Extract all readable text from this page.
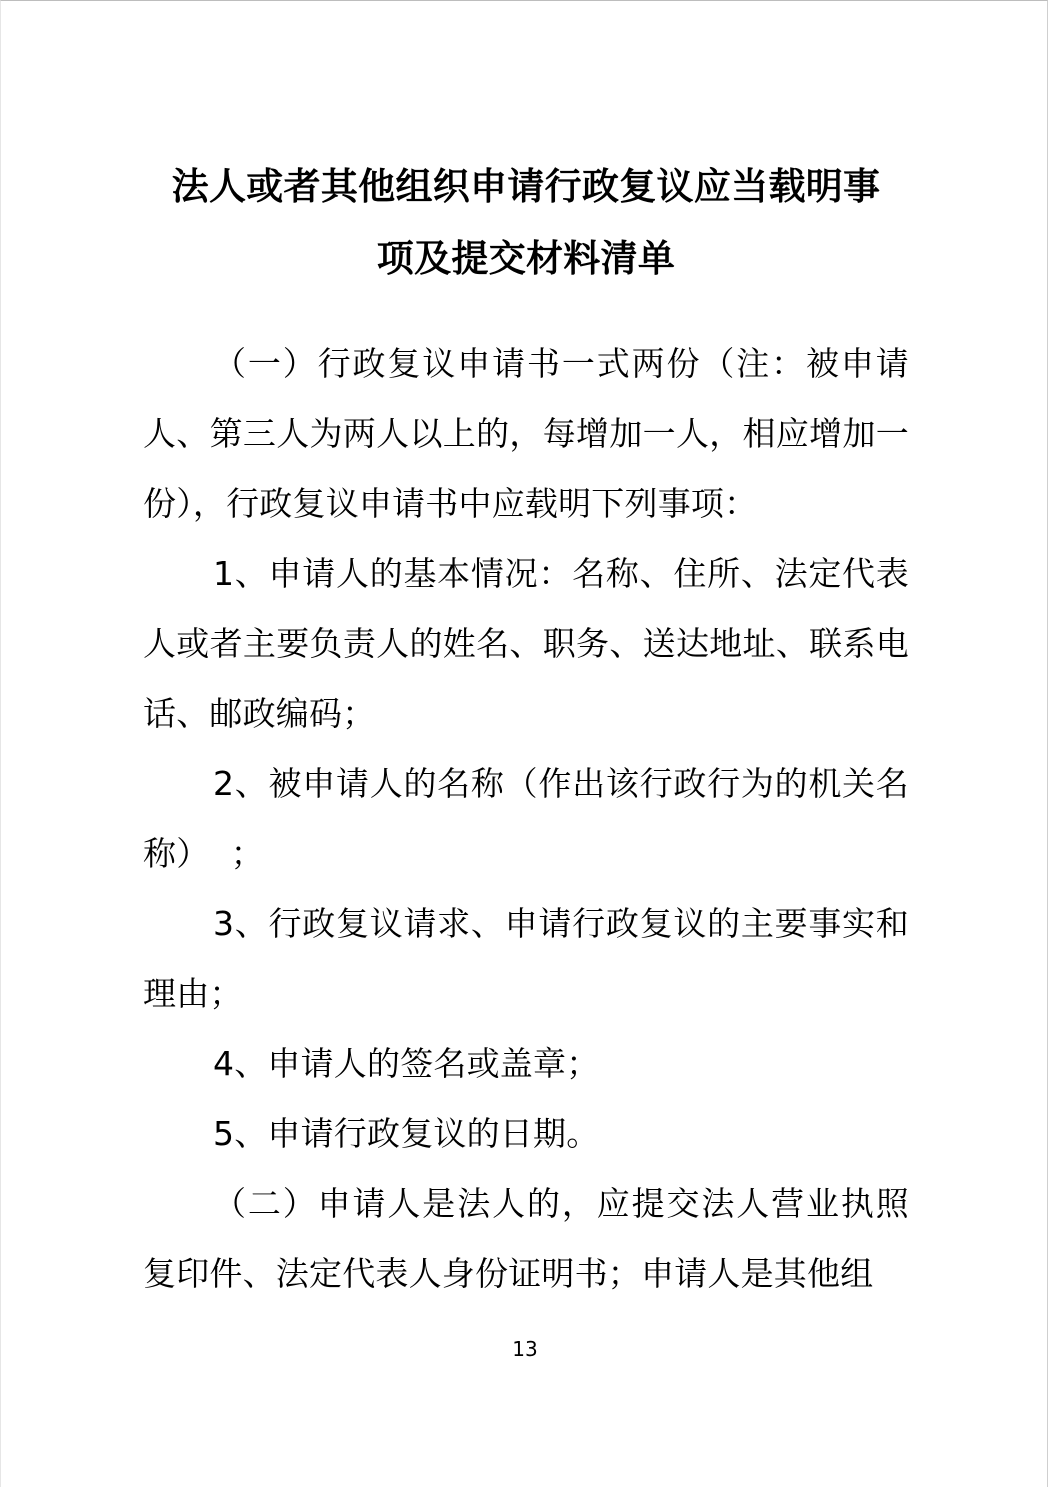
法人或者其他组织申请行政复议应当载明事
项及提交材料清单

（一）行政复议申请书一式两份（注：被申请人、第三人为两人以上的，每增加一人，相应增加一份），行政复议申请书中应载明下列事项：

1、申请人的基本情况：名称、住所、法定代表人或者主要负责人的姓名、职务、送达地址、联系电话、邮政编码；

2、被申请人的名称（作出该行政行为的机关名称）  ；

3、行政复议请求、申请行政复议的主要事实和理由；

4、申请人的签名或盖章；

5、申请行政复议的日期。

（二）申请人是法人的，应提交法人营业执照复印件、法定代表人身份证明书；申请人是其他组

13
